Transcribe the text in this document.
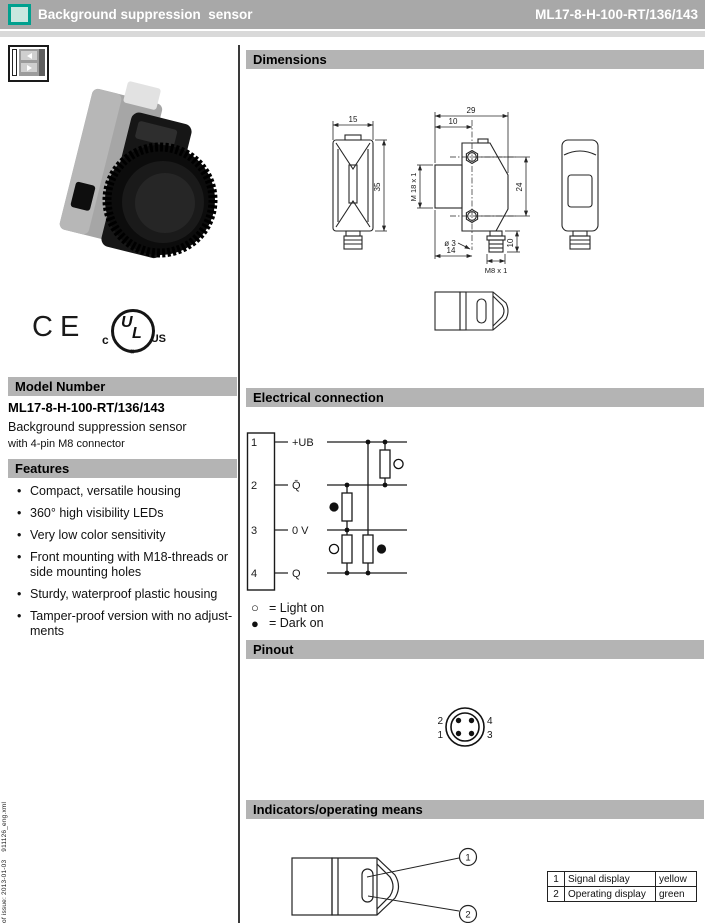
Background suppression  sensor	ML17-8-H-100-RT/136/143
CE U
L
c	US
®
Model Number
ML17-8-H-100-RT/136/143
Background suppression sensor
with 4-pin M8 connector
Features
• Compact, versatile housing
• 360° high visibility LEDs
• Very low color sensitivity
• Front mounting with M18-threads or side mounting holes
• Sturdy, waterproof plastic housing
• Tamper-proof version with no adjust-ments
of issue: 2013-01-03    911126_eng.xml
Dimensions
15
35
29
10
M 18 x 1	24
ø 3
14
10
M8 x 1
Electrical connection
1
2
3
4
+UB
Q̄
0 V
Q
○ = Light on
● = Dark on
Pinout
2	4
1	3
Indicators/operating means
1
2
1	Signal display	yellow
2	Operating display	green
